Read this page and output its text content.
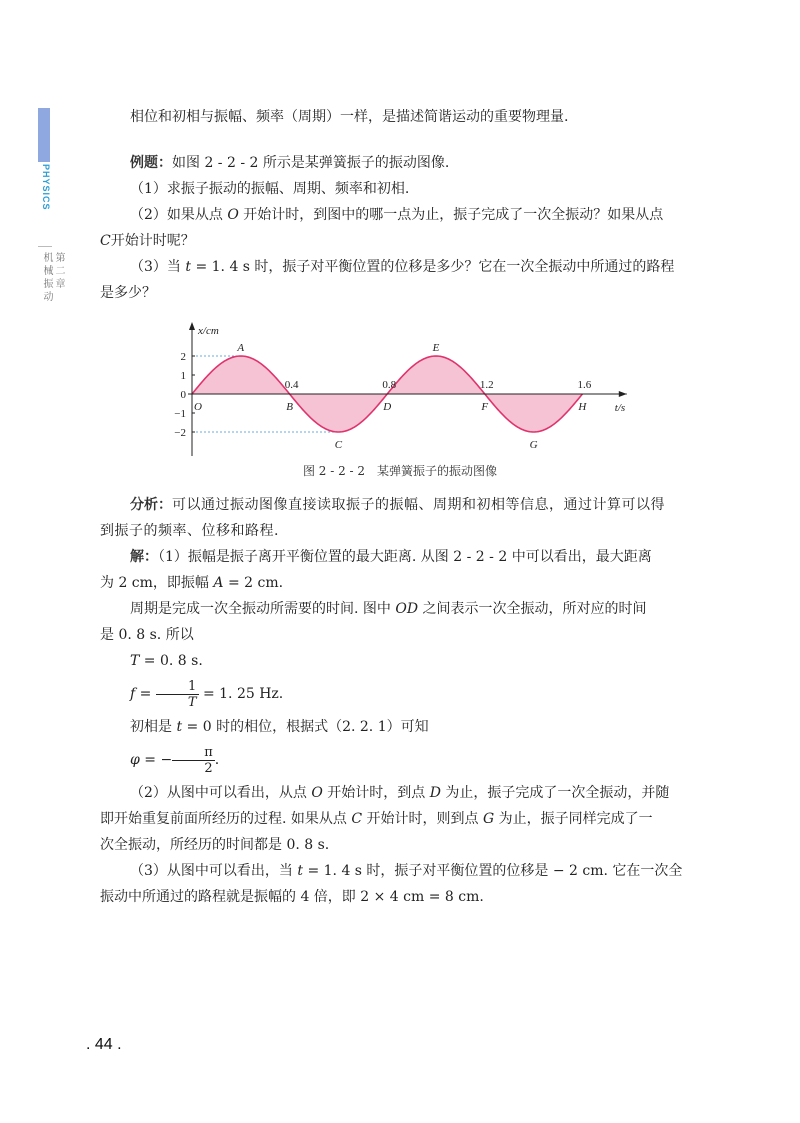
PHYSICS
第二章
机械振动
相位和初相与振幅、频率（周期）一样，是描述简谐运动的重要物理量.
例题：如图 2 - 2 - 2 所示是某弹簧振子的振动图像.
（1）求振子振动的振幅、周期、频率和初相.
（2）如果从点 O 开始计时，到图中的哪一点为止，振子完成了一次全振动？如果从点
C开始计时呢？
（3）当 t = 1. 4 s 时，振子对平衡位置的位移是多少？它在一次全振动中所通过的路程
是多少？
x/cm
t/s
2
1
0
−1
−2
0.4	0.8	1.2	1.6
O
A
B
C
D
E
F
G
H
图 2 - 2 - 2　某弹簧振子的振动图像
分析：可以通过振动图像直接读取振子的振幅、周期和初相等信息，通过计算可以得
到振子的频率、位移和路程.
解：（1）振幅是振子离开平衡位置的最大距离. 从图 2 - 2 - 2 中可以看出，最大距离
为 2 cm，即振幅 A = 2 cm.
周期是完成一次全振动所需要的时间. 图中 OD 之间表示一次全振动，所对应的时间
是 0. 8 s. 所以
T = 0. 8 s.
$f = \frac{1}{T} = 1$. 25 Hz.
初相是 t = 0 时的相位，根据式（2. 2. 1）可知
φ = − $\frac{\pi}{2}$ .
（2）从图中可以看出，从点 O 开始计时，到点 D 为止，振子完成了一次全振动，并随
即开始重复前面所经历的过程. 如果从点 C 开始计时，则到点 G 为止，振子同样完成了一
次全振动，所经历的时间都是 0. 8 s.
（3）从图中可以看出，当 t = 1. 4 s 时，振子对平衡位置的位移是 − 2 cm. 它在一次全
振动中所通过的路程就是振幅的 4 倍，即 2 × 4 cm = 8 cm.
. 44 .
